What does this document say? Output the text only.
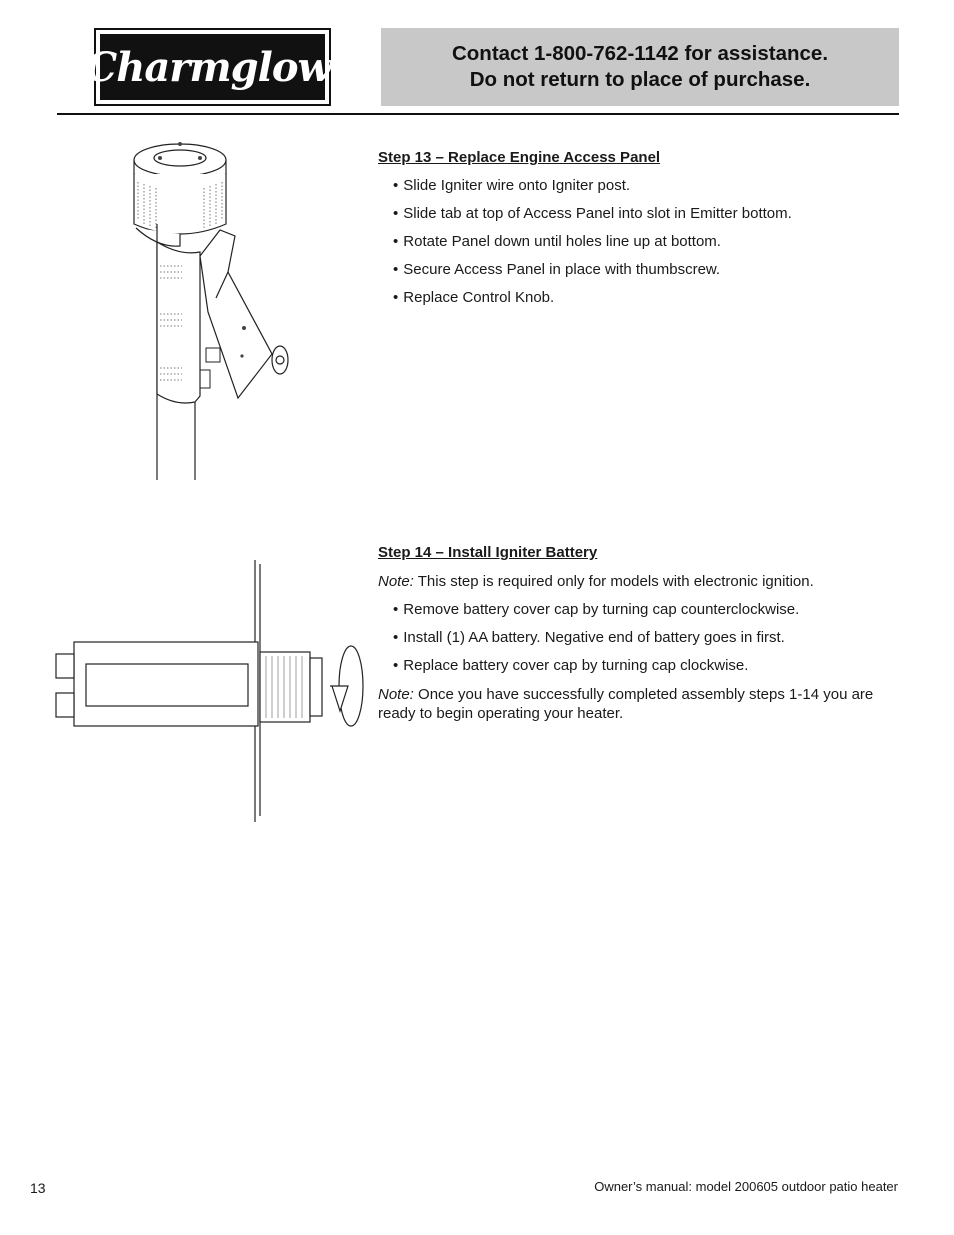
Charmglow ®
Contact 1-800-762-1142 for assistance.
Do not return to place of purchase.
Step 13 – Replace Engine Access Panel
• Slide Igniter wire onto Igniter post.
• Slide tab at top of Access Panel into slot in Emitter bottom.
• Rotate Panel down until holes line up at bottom.
• Secure Access Panel in place with thumbscrew.
• Replace Control Knob.
Step 14 – Install Igniter Battery
Note: This step is required only for models with electronic ignition.
• Remove battery cover cap by turning cap counterclockwise.
• Install (1) AA battery. Negative end of battery goes in first.
• Replace battery cover cap by turning cap clockwise.
Note: Once you have successfully completed assembly steps 1-14 you are ready to begin operating your heater.
13	Owner’s manual: model 200605 outdoor patio heater
